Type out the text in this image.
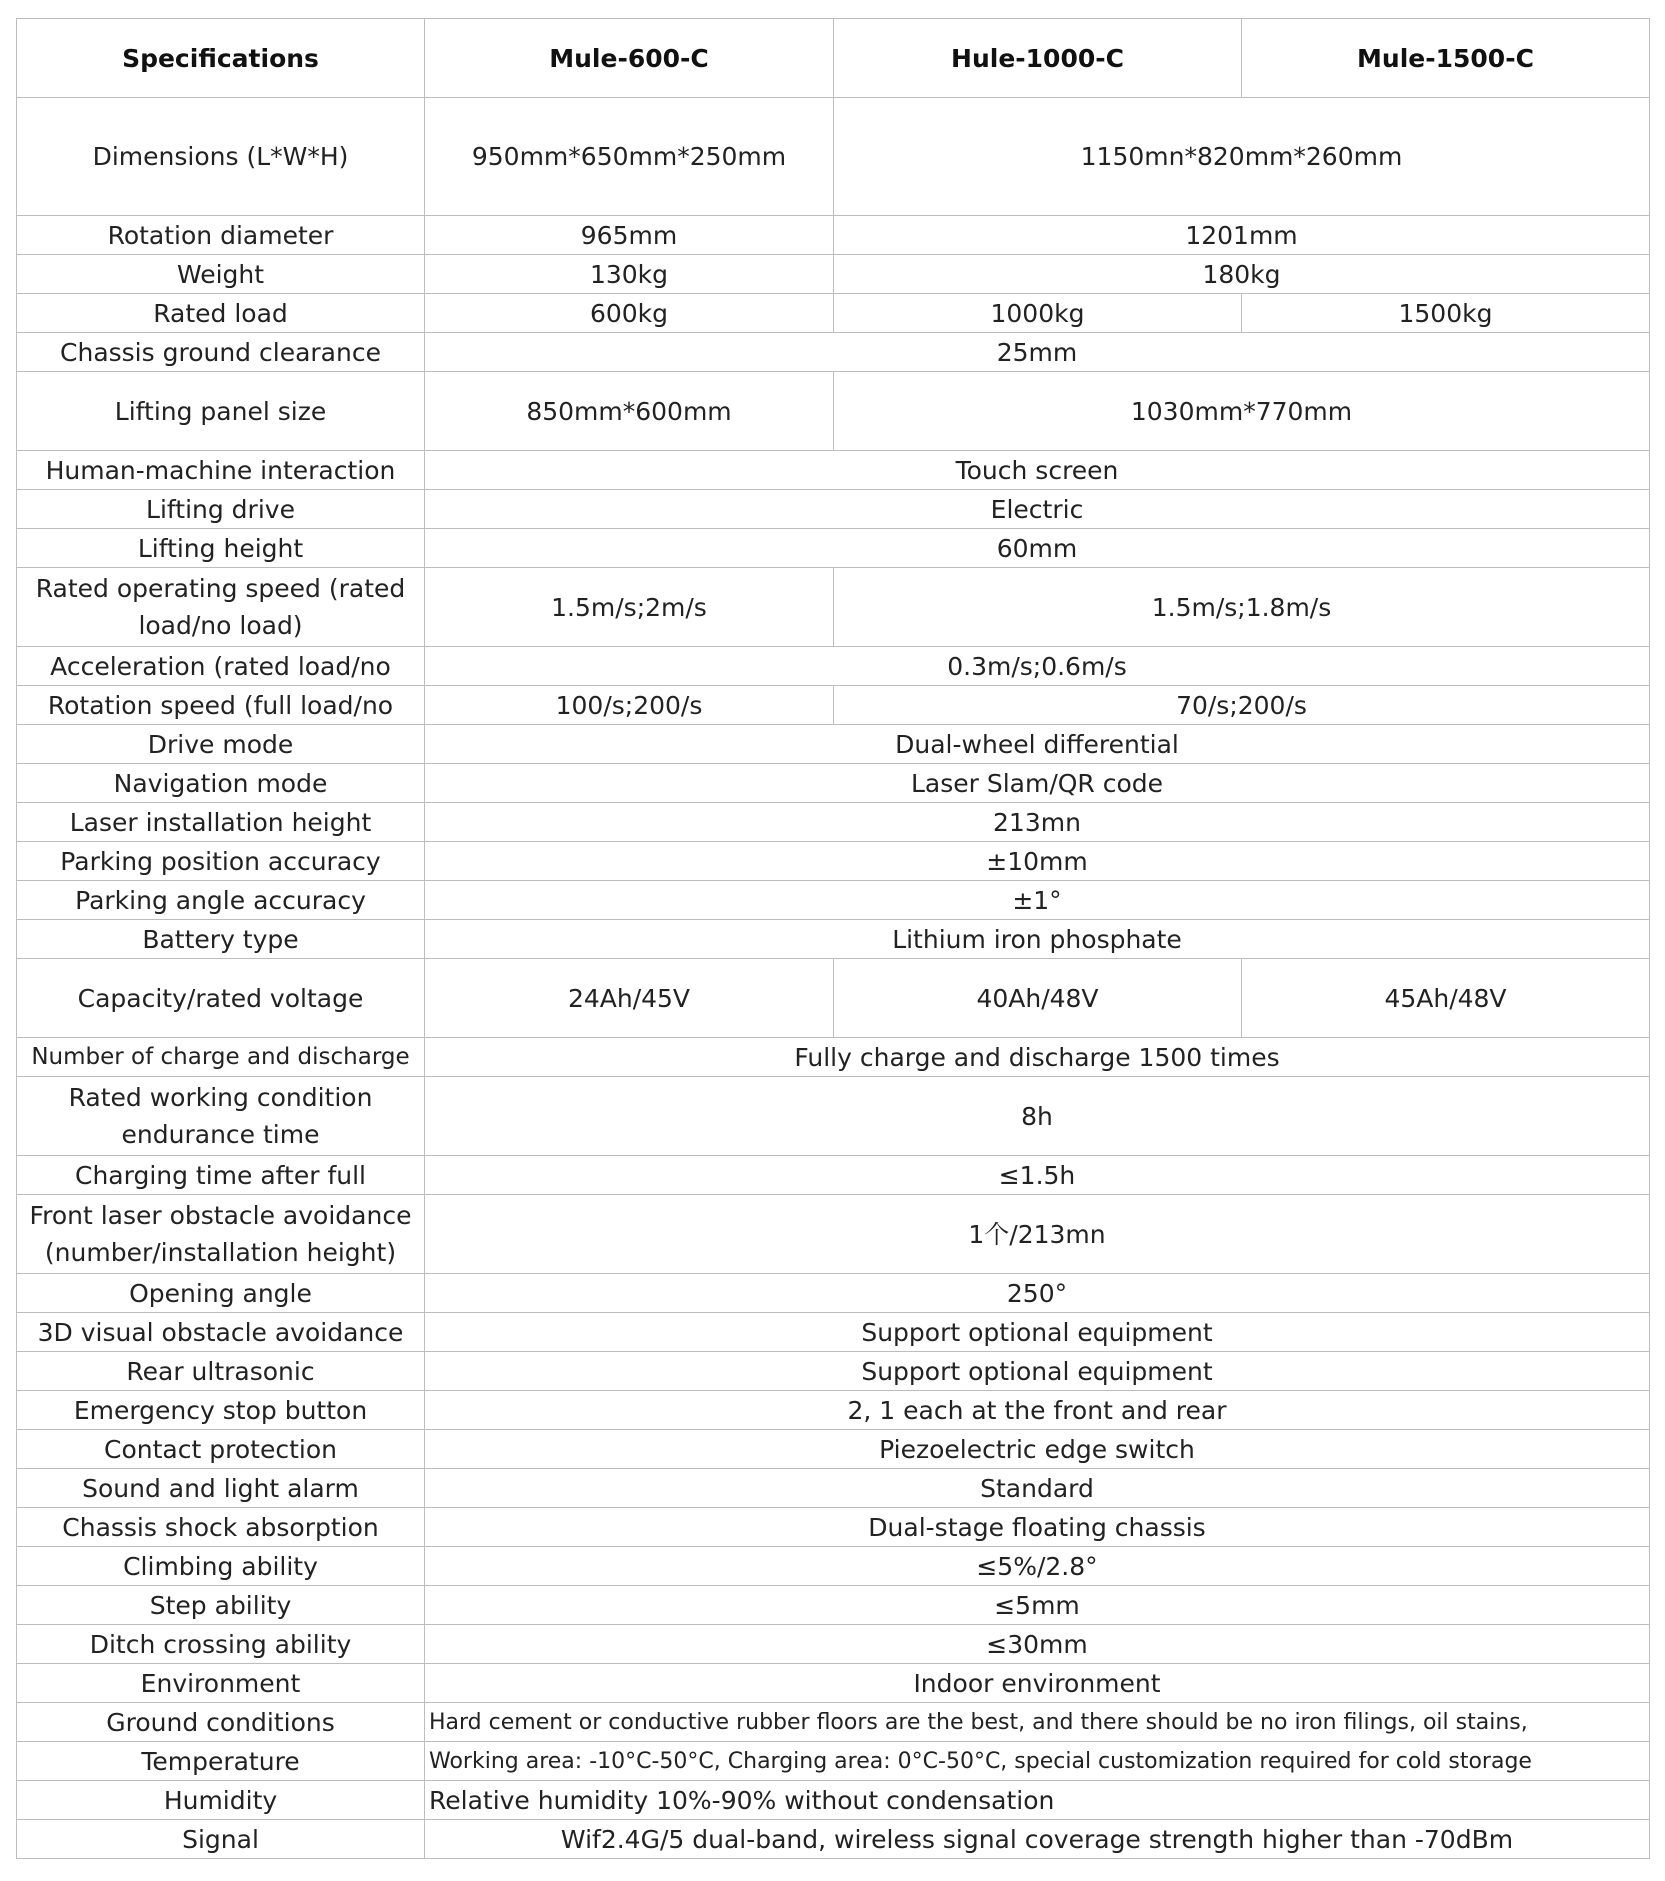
Specifications	Mule-600-C	Hule-1000-C	Mule-1500-C
Dimensions (L*W*H)	950mm*650mm*250mm	1150mn*820mm*260mm	
Rotation diameter	965mm	1201mm	
Weight	130kg	180kg	
Rated load	600kg	1000kg	1500kg
Chassis ground clearance	25mm		
Lifting panel size	850mm*600mm	1030mm*770mm	
Human-machine interaction	Touch screen		
Lifting drive	Electric		
Lifting height	60mm		
Rated operating speed (rated load/no load)	1.5m/s;2m/s	1.5m/s;1.8m/s	
Acceleration (rated load/no	0.3m/s;0.6m/s		
Rotation speed (full load/no	100/s;200/s	70/s;200/s	
Drive mode	Dual-wheel differential		
Navigation mode	Laser Slam/QR code		
Laser installation height	213mn		
Parking position accuracy	±10mm		
Parking angle accuracy	±1°		
Battery type	Lithium iron phosphate		
Capacity/rated voltage	24Ah/45V	40Ah/48V	45Ah/48V
Number of charge and discharge	Fully charge and discharge 1500 times		
Rated working condition endurance time	8h		
Charging time after full	≤1.5h		
Front laser obstacle avoidance (number/installation height)	1个/213mn		
Opening angle	250°		
3D visual obstacle avoidance	Support optional equipment		
Rear ultrasonic	Support optional equipment		
Emergency stop button	2, 1 each at the front and rear		
Contact protection	Piezoelectric edge switch		
Sound and light alarm	Standard		
Chassis shock absorption	Dual-stage floating chassis		
Climbing ability	≤5%/2.8°		
Step ability	≤5mm		
Ditch crossing ability	≤30mm		
Environment	Indoor environment		
Ground conditions	Hard cement or conductive rubber floors are the best, and there should be no iron filings, oil stains,		
Temperature	Working area: -10°C-50°C, Charging area: 0°C-50°C, special customization required for cold storage		
Humidity	Relative humidity 10%-90% without condensation		
Signal	Wif2.4G/5 dual-band, wireless signal coverage strength higher than -70dBm		
